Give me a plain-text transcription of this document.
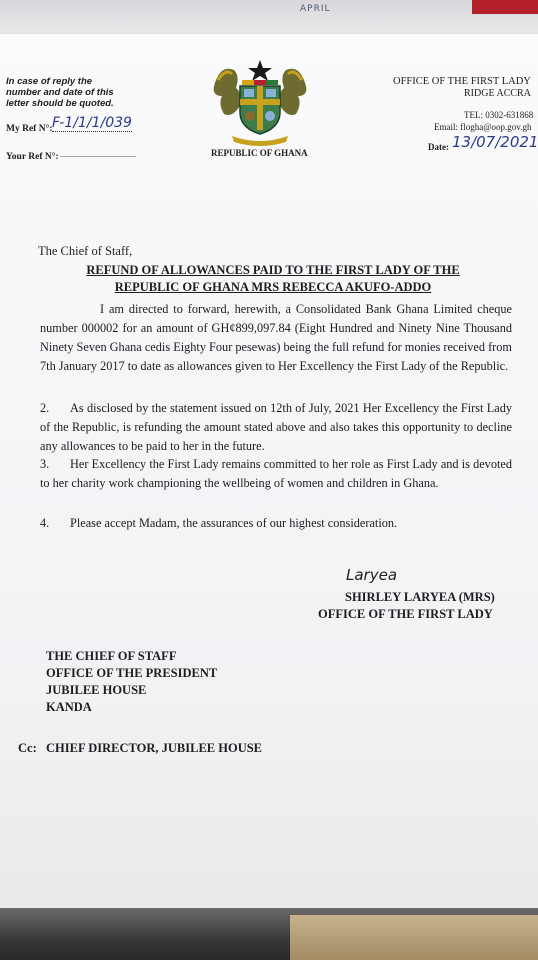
APRIL
In case of reply the
number and date of this
letter should be quoted.
My Ref N°: F-1/1/1/039
Your Ref N°: ......................................	REPUBLIC OF GHANA
OFFICE OF THE FIRST LADY
RIDGE ACCRA
TEL: 0302-631868
Email: flogha@oop.gov.gh
Date: 13/07/2021
The Chief of Staff,
REFUND OF ALLOWANCES PAID TO THE FIRST LADY OF THE
REPUBLIC OF GHANA MRS REBECCA AKUFO-ADDO
I am directed to forward, herewith, a Consolidated Bank Ghana Limited cheque number 000002 for an amount of GH¢899,097.84 (Eight Hundred and Ninety Nine Thousand Ninety Seven Ghana cedis Eighty Four pesewas) being the full refund for monies received from 7th January 2017 to date as allowances given to Her Excellency the First Lady of the Republic.
2. As disclosed by the statement issued on 12th of July, 2021 Her Excellency the First Lady of the Republic, is refunding the amount stated above and also takes this opportunity to decline any allowances to be paid to her in the future.
3. Her Excellency the First Lady remains committed to her role as First Lady and is devoted to her charity work championing the wellbeing of women and children in Ghana.
4. Please accept Madam, the assurances of our highest consideration.
Laryea
SHIRLEY LARYEA (MRS)
OFFICE OF THE FIRST LADY
THE CHIEF OF STAFF
OFFICE OF THE PRESIDENT
JUBILEE HOUSE
KANDA
Cc: CHIEF DIRECTOR, JUBILEE HOUSE
